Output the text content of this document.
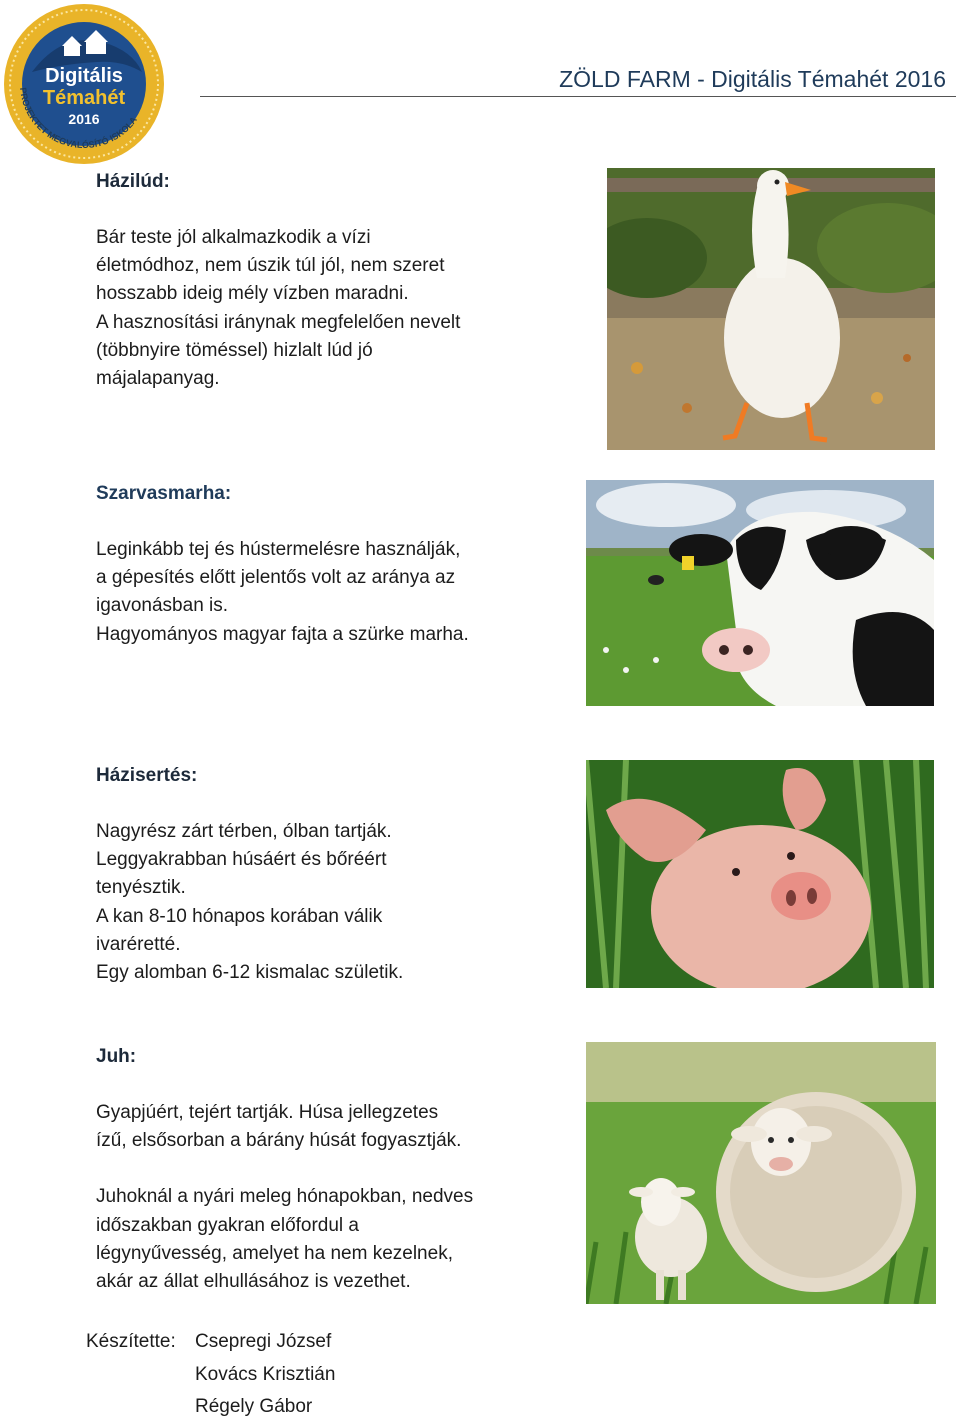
Digitális
Témahét
2016
PROJEKTET MEGVALÓSÍTÓ ISKOLA
ZÖLD FARM - Digitális Témahét 2016
Házilúd:
Bár teste jól alkalmazkodik a vízi
életmódhoz, nem úszik túl jól, nem szeret
hosszabb ideig mély vízben maradni.
A hasznosítási iránynak megfelelően nevelt
(többnyire töméssel) hizlalt lúd jó
májalapanyag.
Szarvasmarha:
Leginkább tej és hústermelésre használják,
a gépesítés előtt jelentős volt az aránya az
igavonásban is.
Hagyományos magyar fajta a szürke marha.
Házisertés:
Nagyrész zárt térben, ólban tartják.
Leggyakrabban húsáért és bőréért
tenyésztik.
A kan 8-10 hónapos korában válik
ivaréretté.
Egy alomban 6-12 kismalac születik.
Juh:
Gyapjúért, tejért tartják. Húsa jellegzetes
ízű, elsősorban a bárány húsát fogyasztják.
Juhoknál a nyári meleg hónapokban, nedves
időszakban gyakran előfordul a
légynyűvesség, amelyet ha nem kezelnek,
akár az állat elhullásához is vezethet.
Készítette: Csepregi József
Kovács Krisztián
Régely Gábor
